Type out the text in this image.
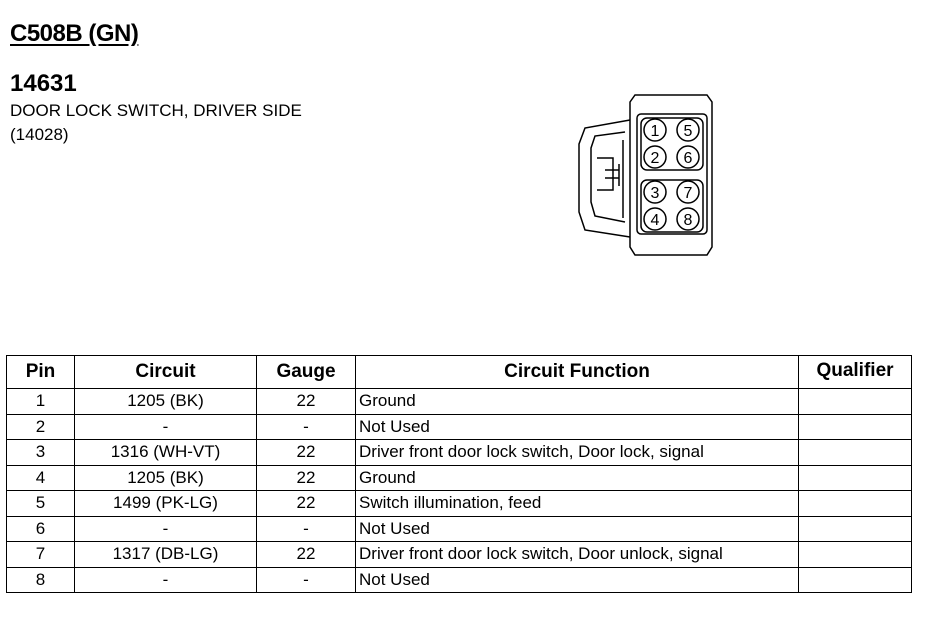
C508B (GN)
14631
DOOR LOCK SWITCH, DRIVER SIDE
(14028)	1
2
3
4
5
6
7
8
Pin	Circuit	Gauge	Circuit Function	Qualifier
1	1205 (BK)	22	Ground	
2	-	-	Not Used	
3	1316 (WH-VT)	22	Driver front door lock switch, Door lock, signal	
4	1205 (BK)	22	Ground	
5	1499 (PK-LG)	22	Switch illumination, feed	
6	-	-	Not Used	
7	1317 (DB-LG)	22	Driver front door lock switch, Door unlock, signal	
8	-	-	Not Used	
